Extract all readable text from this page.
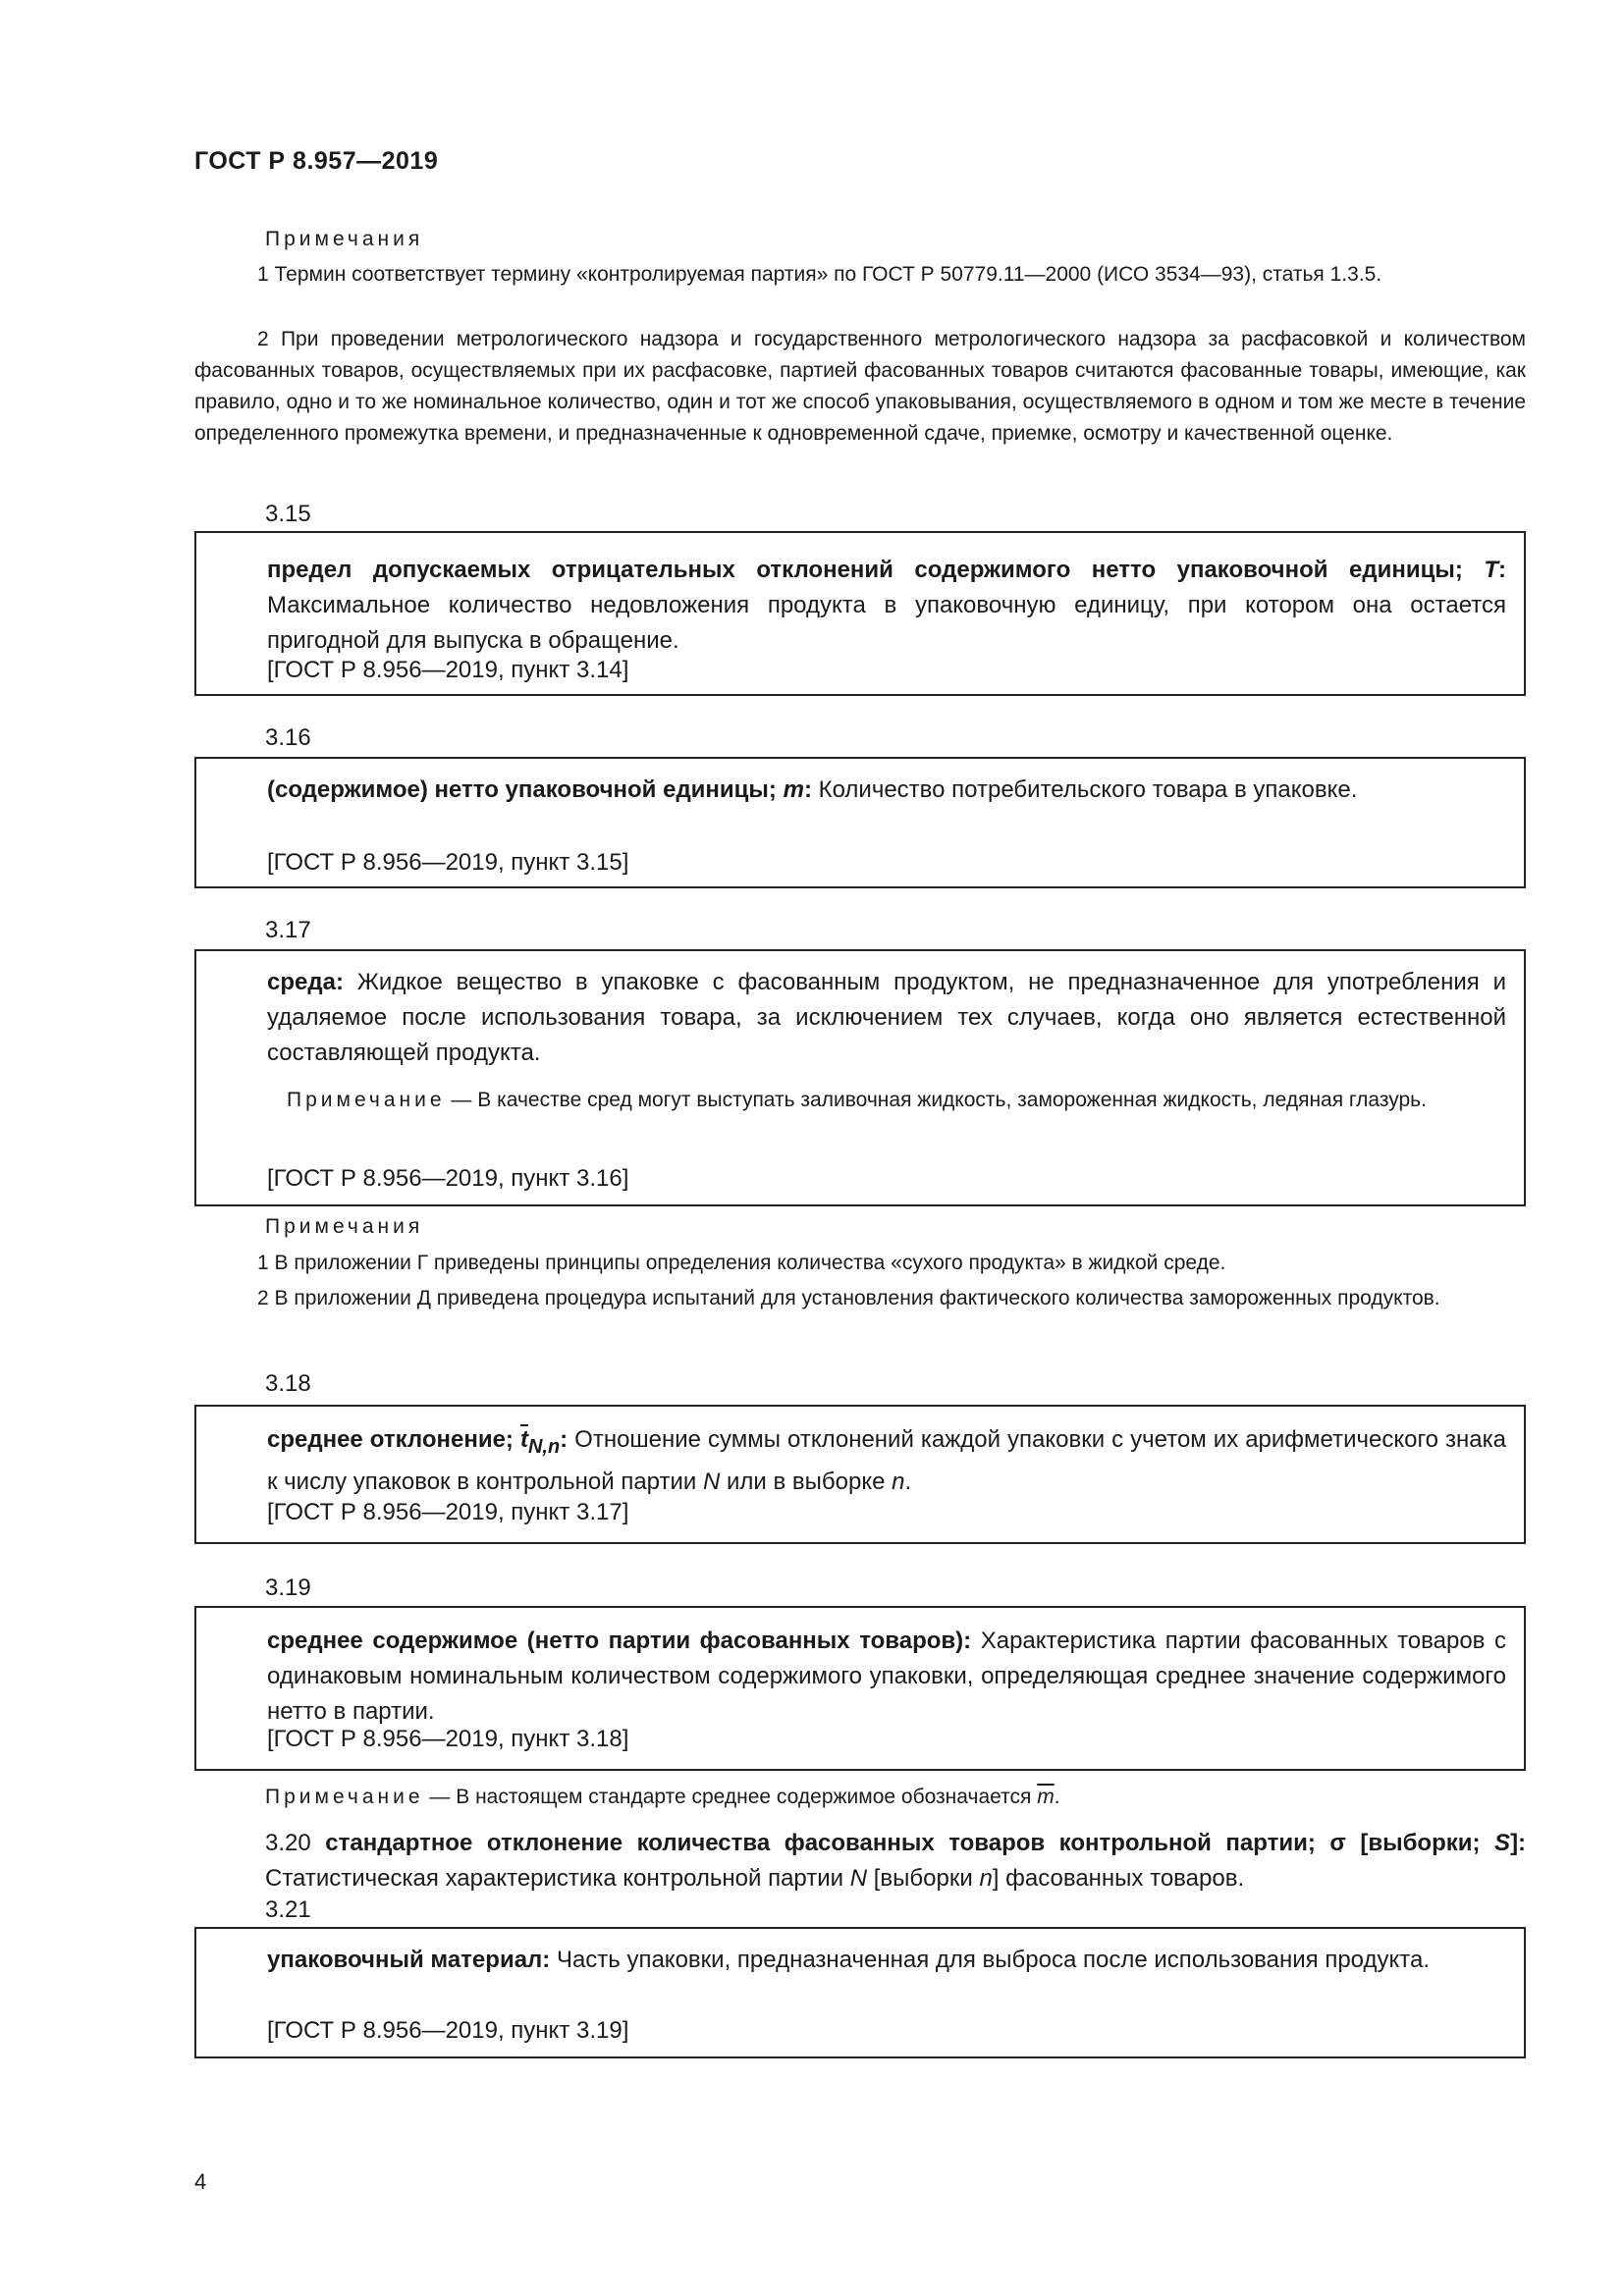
ГОСТ Р 8.957—2019
Примечания
1 Термин соответствует термину «контролируемая партия» по ГОСТ Р 50779.11—2000 (ИСО 3534—93), статья 1.3.5.
2 При проведении метрологического надзора и государственного метрологического надзора за расфасовкой и количеством фасованных товаров, осуществляемых при их расфасовке, партией фасованных товаров считаются фасованные товары, имеющие, как правило, одно и то же номинальное количество, один и тот же способ упаковывания, осуществляемого в одном и том же месте в течение определенного промежутка времени, и предназначенные к одновременной сдаче, приемке, осмотру и качественной оценке.
3.15
предел допускаемых отрицательных отклонений содержимого нетто упаковочной единицы; T: Максимальное количество недовложения продукта в упаковочную единицу, при котором она остается пригодной для выпуска в обращение.
[ГОСТ Р 8.956—2019, пункт 3.14]
3.16
(содержимое) нетто упаковочной единицы; m: Количество потребительского товара в упаковке.
[ГОСТ Р 8.956—2019, пункт 3.15]
3.17
среда: Жидкое вещество в упаковке с фасованным продуктом, не предназначенное для употребления и удаляемое после использования товара, за исключением тех случаев, когда оно является естественной составляющей продукта.
Примечание — В качестве сред могут выступать заливочная жидкость, замороженная жидкость, ледяная глазурь.
[ГОСТ Р 8.956—2019, пункт 3.16]
Примечания
1 В приложении Г приведены принципы определения количества «сухого продукта» в жидкой среде.
2 В приложении Д приведена процедура испытаний для установления фактического количества замороженных продуктов.
3.18
среднее отклонение; $\overline{t}_{N,n}$: Отношение суммы отклонений каждой упаковки с учетом их арифметического знака к числу упаковок в контрольной партии N или в выборке n.
[ГОСТ Р 8.956—2019, пункт 3.17]
3.19
среднее содержимое (нетто партии фасованных товаров): Характеристика партии фасованных товаров с одинаковым номинальным количеством содержимого упаковки, определяющая среднее значение содержимого нетто в партии.
[ГОСТ Р 8.956—2019, пункт 3.18]
Примечание — В настоящем стандарте среднее содержимое обозначается $\overline{m}$.
3.20 стандартное отклонение количества фасованных товаров контрольной партии; σ [выборки; S]: Статистическая характеристика контрольной партии N [выборки n] фасованных товаров.
3.21
упаковочный материал: Часть упаковки, предназначенная для выброса после использования продукта.
[ГОСТ Р 8.956—2019, пункт 3.19]
4
